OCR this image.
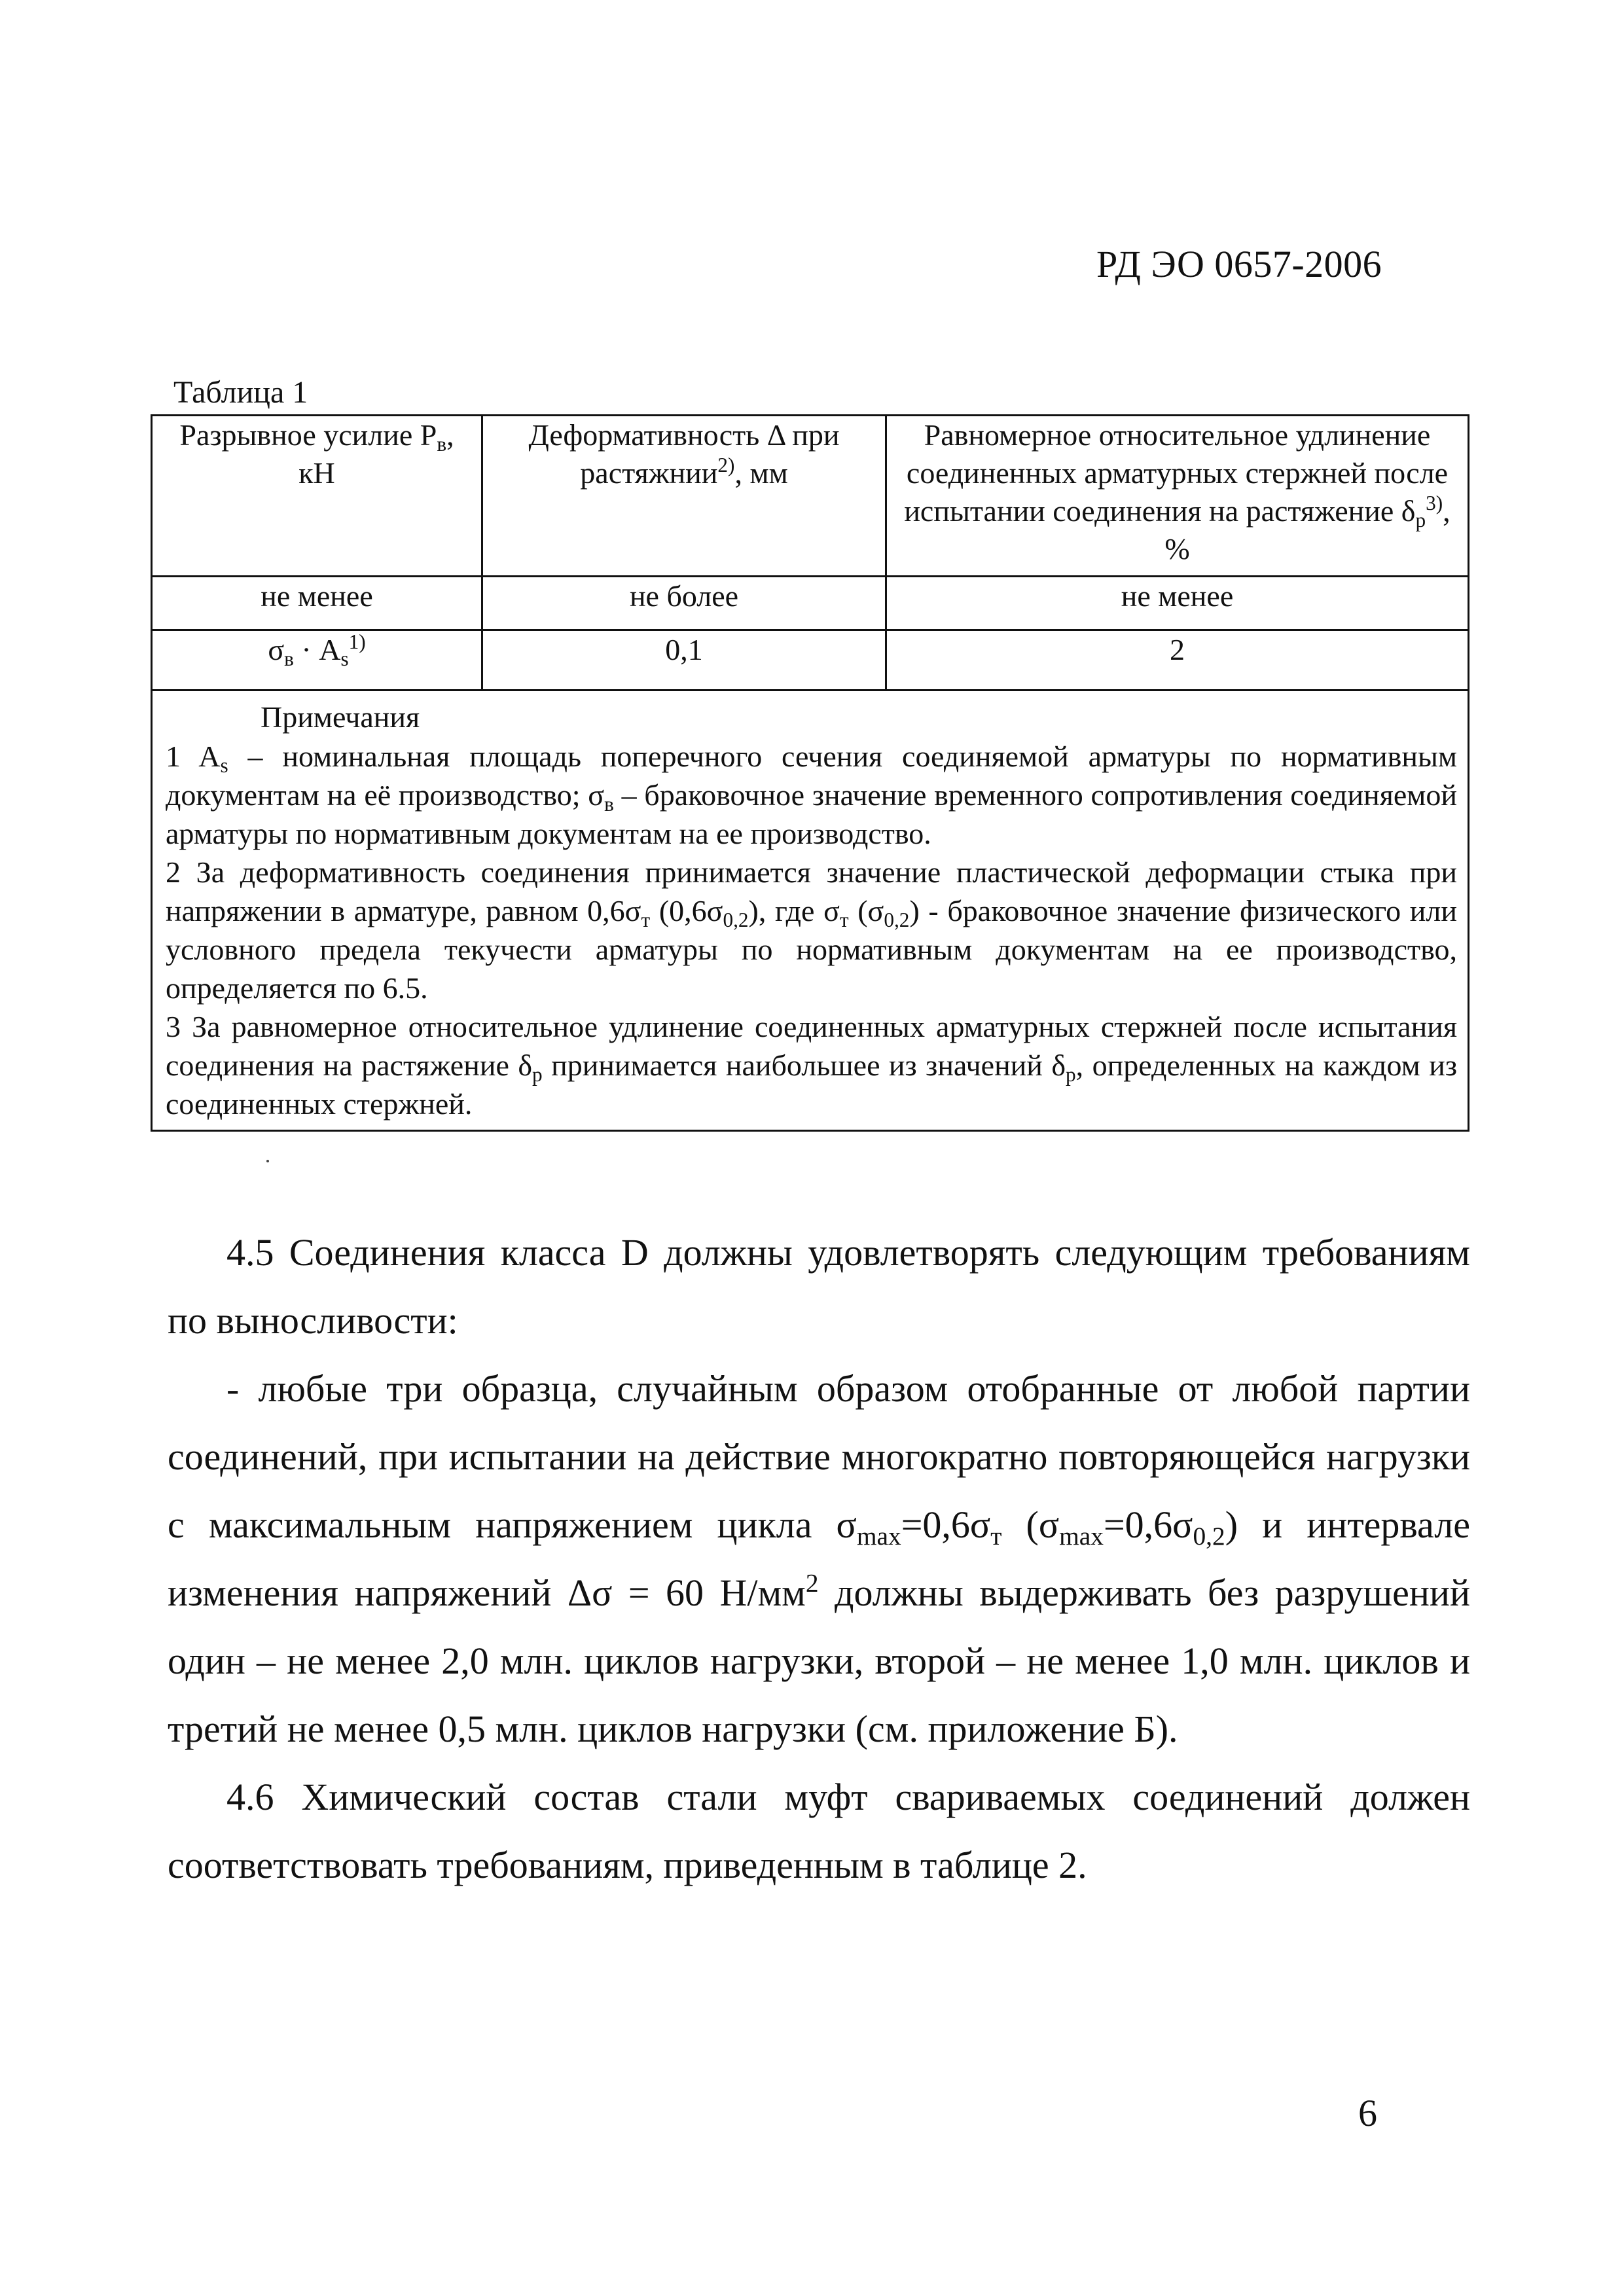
РД ЭО 0657-2006
Таблица 1
Разрывное усилие $P_в$, кН	Деформативность Δ при растяжнии$^{2)}$, мм	Равномерное относительное удлинение соединенных арматурных стержней после испытании соединения на растяжение $\delta_p^{3)}$, %
не менее	не более	не менее
$\sigma_в \cdot A_s^{1)}$	0,1	2

Примечания

1 $A_s$ – номинальная площадь поперечного сечения соединяемой арматуры по нормативным документам на её производство; $\sigma_в$ – браковочное значение временного сопротивления соединяемой арматуры по нормативным документам на ее производство.

2 За деформативность соединения принимается значение пластической деформации стыка при напряжении в арматуре, равном $0,6\sigma_т$ $(0,6\sigma_{0,2})$, где $\sigma_т$ $(\sigma_{0,2})$ - браковочное значение физического или условного предела текучести арматуры по нормативным документам на ее производство, определяется по 6.5.

3 За равномерное относительное удлинение соединенных арматурных стержней после испытания соединения на растяжение $\delta_p$ принимается наибольшее из значений $\delta_p$, определенных на каждом из соединенных стержней.		

4.5 Соединения класса D должны удовлетворять следующим требованиям по выносливости:

- любые три образца, случайным образом отобранные от любой партии соединений, при испытании на действие многократно повторяющейся нагрузки с максимальным напряжением цикла $\sigma_{max}=0,6\sigma_т$ $(\sigma_{max}=0,6\sigma_{0,2})$ и интервале изменения напряжений Δσ = 60 $Н/мм^2$ должны выдерживать без разрушений один – не менее 2,0 млн. циклов нагрузки, второй – не менее 1,0 млн. циклов и третий не менее 0,5 млн. циклов нагрузки (см. приложение Б).

4.6 Химический состав стали муфт свариваемых соединений должен соответствовать требованиям, приведенным в таблице 2.

6
